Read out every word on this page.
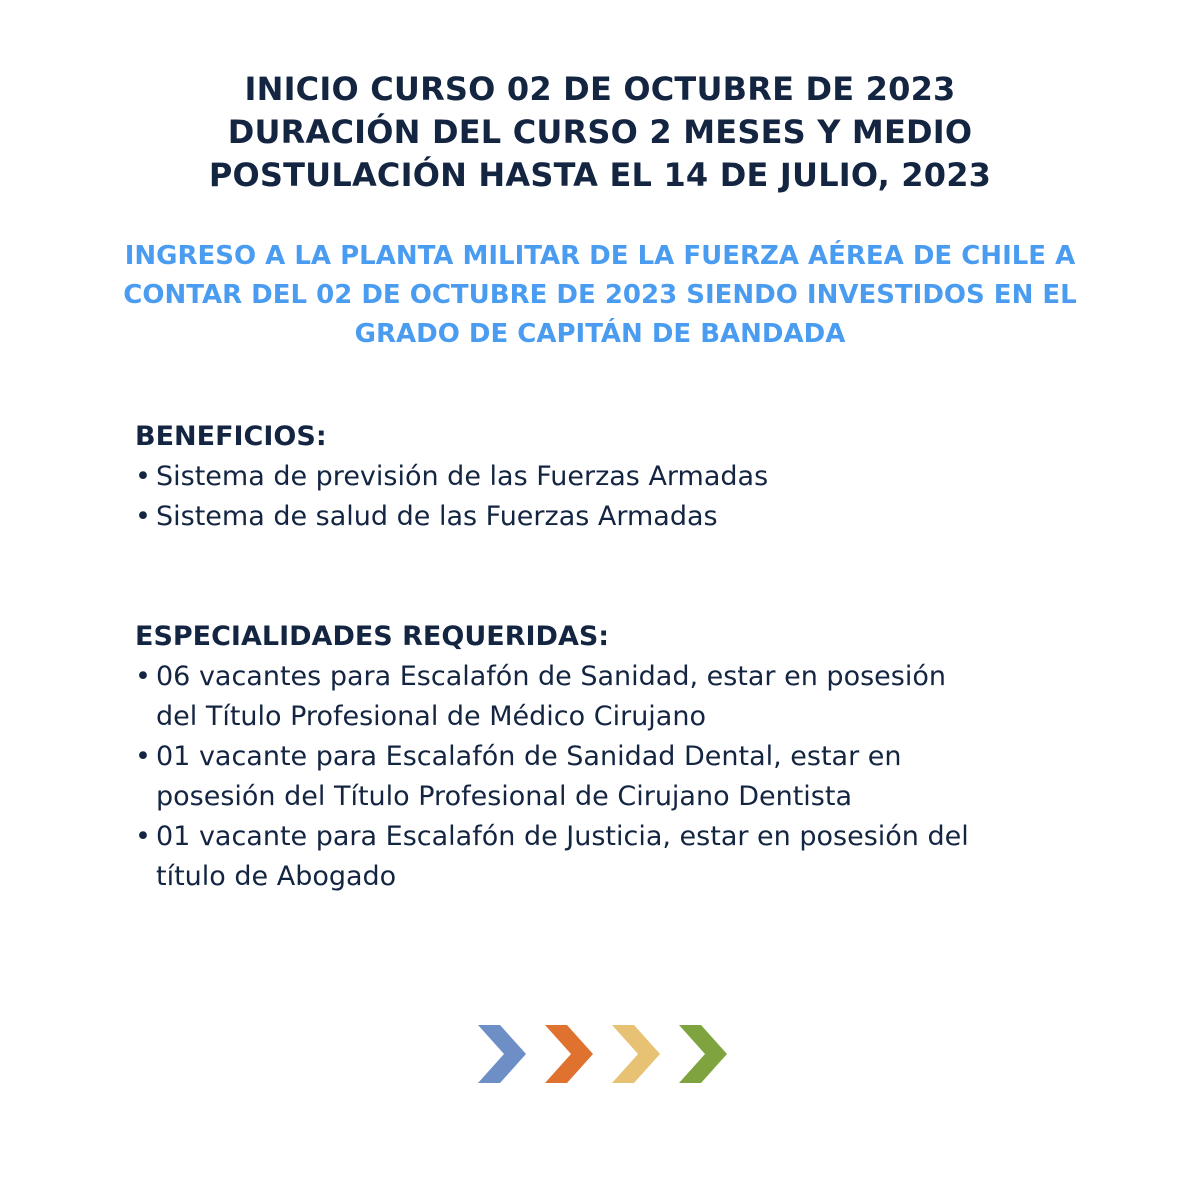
INICIO CURSO 02 DE OCTUBRE DE 2023
DURACIÓN DEL CURSO 2 MESES Y MEDIO
POSTULACIÓN HASTA EL 14 DE JULIO, 2023
INGRESO A LA PLANTA MILITAR DE LA FUERZA AÉREA DE CHILE A
CONTAR DEL 02 DE OCTUBRE DE 2023 SIENDO INVESTIDOS EN EL
GRADO DE CAPITÁN DE BANDADA
BENEFICIOS:
• Sistema de previsión de las Fuerzas Armadas
• Sistema de salud de las Fuerzas Armadas
ESPECIALIDADES REQUERIDAS:
• 06 vacantes para Escalafón de Sanidad, estar en posesión
del Título Profesional de Médico Cirujano
• 01 vacante para Escalafón de Sanidad Dental, estar en
posesión del Título Profesional de Cirujano Dentista
• 01 vacante para Escalafón de Justicia, estar en posesión del
título de Abogado
